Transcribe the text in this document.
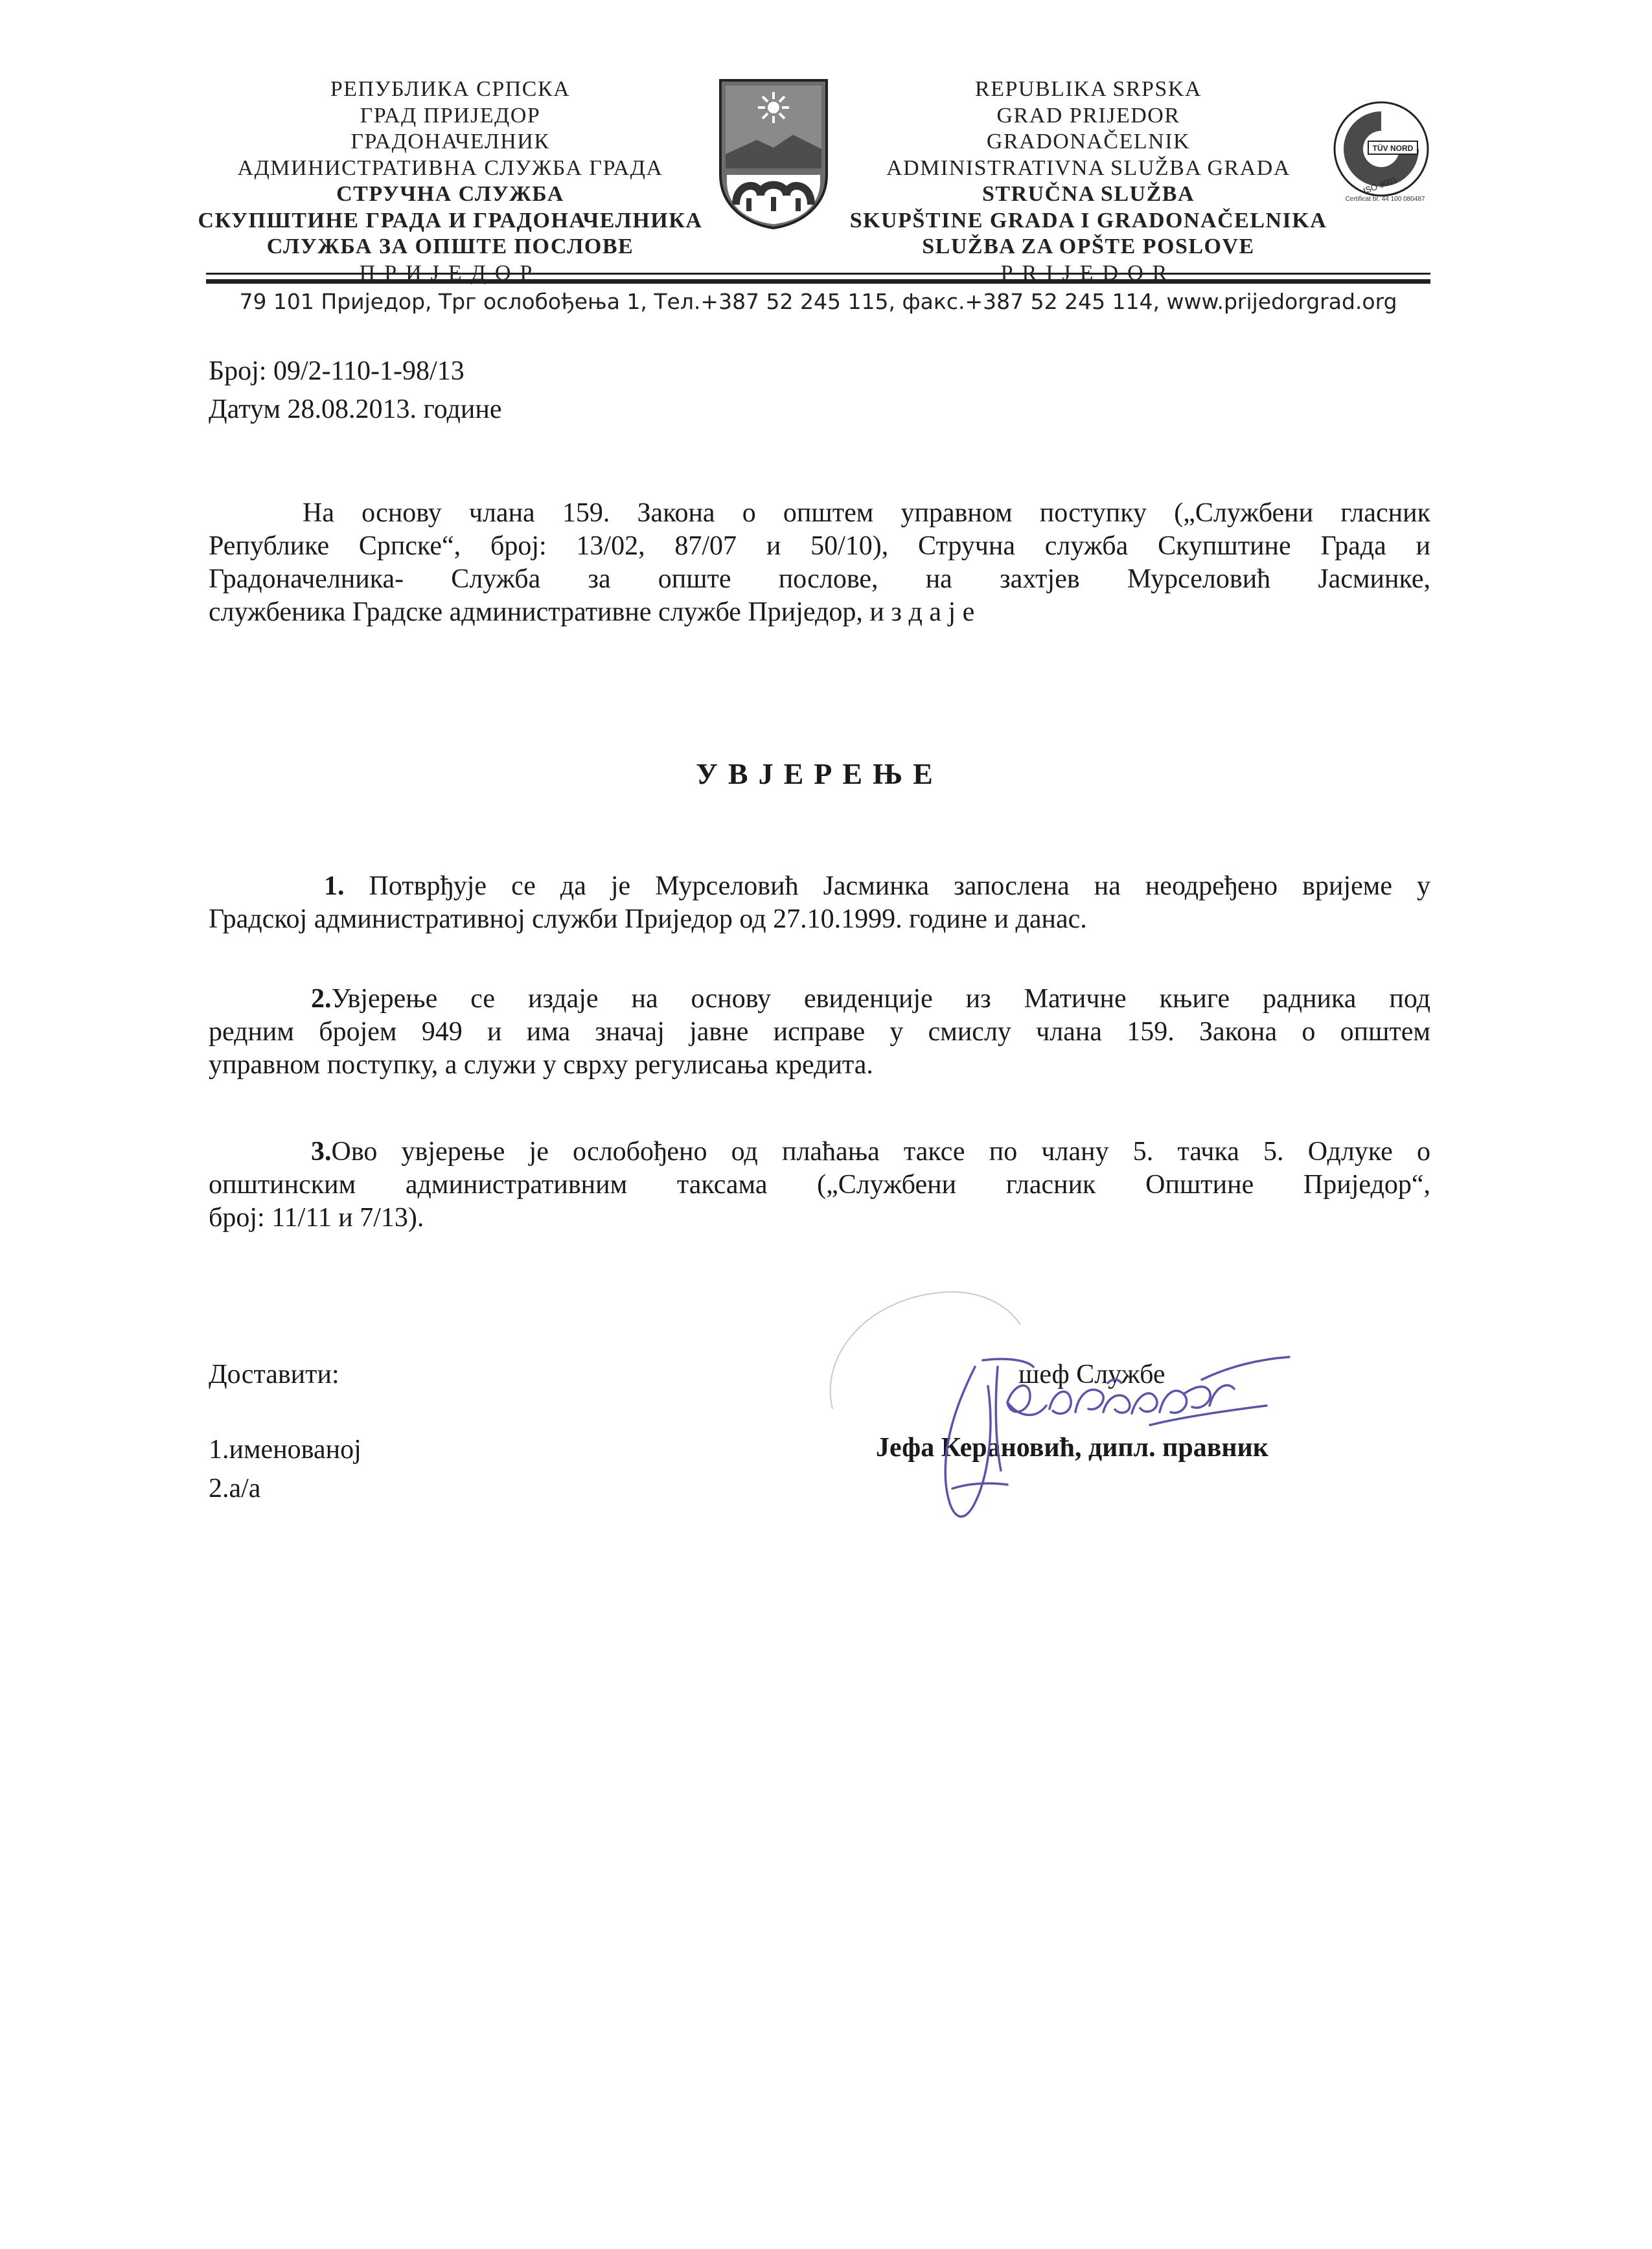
РЕПУБЛИКА СРПСКА
ГРАД ПРИЈЕДОР
ГРАДОНАЧЕЛНИК
АДМИНИСТРАТИВНА СЛУЖБА ГРАДА
СТРУЧНА СЛУЖБА
СКУПШТИНЕ ГРАДА И ГРАДОНАЧЕЛНИКА
СЛУЖБА ЗА ОПШТЕ ПОСЛОВЕ
ПРИЈЕДОР
REPUBLIKA SRPSKA
GRAD PRIJEDOR
GRADONAČELNIK
ADMINISTRATIVNA SLUŽBA GRADA
STRUČNA SLUŽBA
SKUPŠTINE GRADA I GRADONAČELNIKA
SLUŽBA ZA OPŠTE POSLOVE
PRIJEDOR
TÜV NORD
ISO 9001
Certificat br. 44 100 080487
79 101 Приједор, Трг ослобођења 1, Тел.+387 52 245 115, факс.+387 52 245 114, www.prijedorgrad.org
Број: 09/2-110-1-98/13
Датум 28.08.2013. године
На основу члана 159. Закона о општем управном поступку („Службени гласник
Републике Српске“, број: 13/02, 87/07 и 50/10), Стручна служба Скупштине Града и
Градоначелника- Служба за опште послове, на захтјев Мурселовић Јасминке,
службеника Градске административне службе Приједор, и з д а ј е
УВЈЕРЕЊЕ
1. Потврђује се да је Мурселовић Јасминка запослена на неодређено вријеме у
Градској административној служби Приједор од 27.10.1999. године и данас.
2.Увјерење се издаје на основу евиденције из Матичне књиге радника под
редним бројем 949 и има значај јавне исправе у смислу члана 159. Закона о општем
управном поступку, а служи у сврху регулисања кредита.
3.Ово увјерење је ослобођено од плаћања таксе по члану 5. тачка 5. Одлуке о
општинским административним таксама („Службени гласник Општине Приједор“,
број: 11/11 и 7/13).
Доставити:
1.именованој
2.а/а
шеф Службе
Јефа Керановић, дипл. правник
